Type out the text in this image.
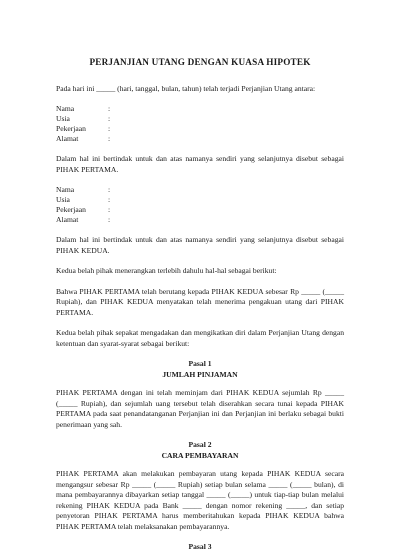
PERJANJIAN UTANG DENGAN KUASA HIPOTEK

Pada hari ini _____ (hari, tanggal, bulan, tahun) telah terjadi Perjanjian Utang antara:

Nama	:
Usia	:
Pekerjaan	:
Alamat	:

Dalam hal ini bertindak untuk dan atas namanya sendiri yang selanjutnya disebut sebagai PIHAK PERTAMA.

Nama	:
Usia	:
Pekerjaan	:
Alamat	:

Dalam hal ini bertindak untuk dan atas namanya sendiri yang selanjutnya disebut sebagai PIHAK KEDUA.

Kedua belah pihak menerangkan terlebih dahulu hal-hal sebagai berikut:

Bahwa PIHAK PERTAMA telah berutang kepada PIHAK KEDUA sebesar Rp _____ (_____ Rupiah), dan PIHAK KEDUA menyatakan telah menerima pengakuan utang dari PIHAK PERTAMA.

Kedua belah pihak sepakat mengadakan dan mengikatkan diri dalam Perjanjian Utang dengan ketentuan dan syarat-syarat sebagai berikut:

Pasal 1
JUMLAH PINJAMAN

PIHAK PERTAMA dengan ini telah meminjam dari PIHAK KEDUA sejumlah Rp _____ (_____ Rupiah), dan sejumlah uang tersebut telah diserahkan secara tunai kepada PIHAK PERTAMA pada saat penandatanganan Perjanjian ini dan Perjanjian ini berlaku sebagai bukti penerimaan yang sah.

Pasal 2
CARA PEMBAYARAN

PIHAK PERTAMA akan melakukan pembayaran utang kepada PIHAK KEDUA secara mengangsur sebesar Rp _____ (_____ Rupiah) setiap bulan selama _____ (_____ bulan), di mana pembayarannya dibayarkan setiap tanggal _____ (_____) untuk tiap-tiap bulan melalui rekening PIHAK KEDUA pada Bank _____ dengan nomor rekening _____, dan setiap penyetoran PIHAK PERTAMA harus memberitahukan kepada PIHAK KEDUA bahwa PIHAK PERTAMA telah melaksanakan pembayarannya.

Pasal 3
